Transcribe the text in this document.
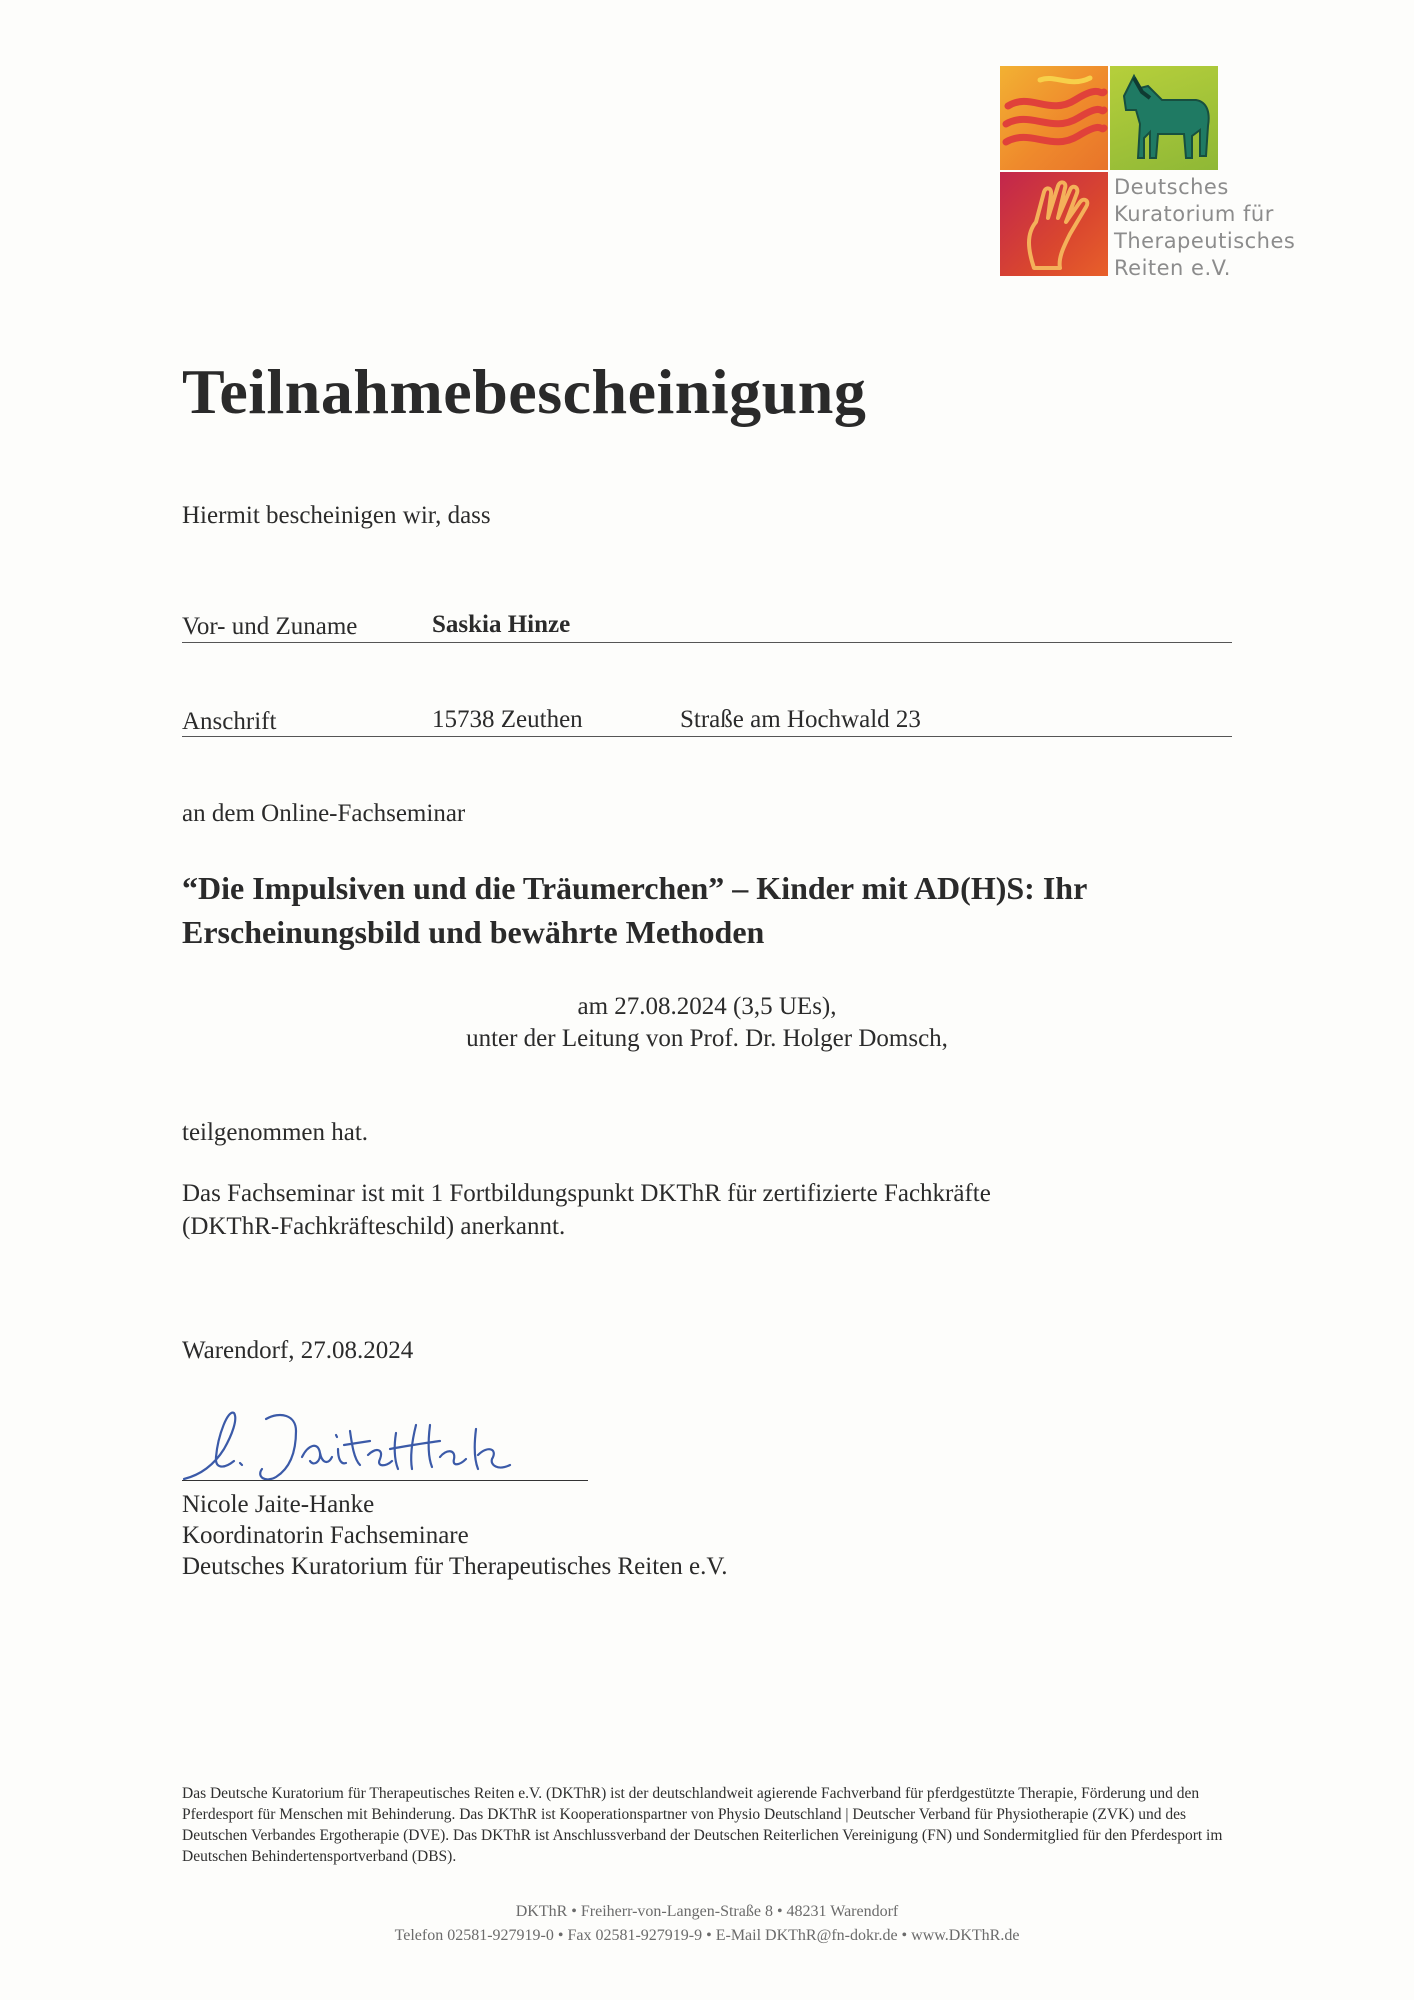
Deutsches
Kuratorium für
Therapeutisches
Reiten e.V.
Teilnahmebescheinigung
Hiermit bescheinigen wir, dass
Vor- und Zuname	Saskia Hinze
Anschrift	15738 Zeuthen	Straße am Hochwald 23
an dem Online-Fachseminar
“Die Impulsiven und die Träumerchen” – Kinder mit AD(H)S: Ihr Erscheinungsbild und bewährte Methoden
am 27.08.2024 (3,5 UEs),
unter der Leitung von Prof. Dr. Holger Domsch,
teilgenommen hat.
Das Fachseminar ist mit 1 Fortbildungspunkt DKThR für zertifizierte Fachkräfte
(DKThR-Fachkräfteschild) anerkannt.
Warendorf, 27.08.2024
Nicole Jaite-Hanke
Koordinatorin Fachseminare
Deutsches Kuratorium für Therapeutisches Reiten e.V.
Das Deutsche Kuratorium für Therapeutisches Reiten e.V. (DKThR) ist der deutschlandweit agierende Fachverband für pferdgestützte Therapie, Förderung und den Pferdesport für Menschen mit Behinderung. Das DKThR ist Kooperationspartner von Physio Deutschland | Deutscher Verband für Physiotherapie (ZVK) und des Deutschen Verbandes Ergotherapie (DVE). Das DKThR ist Anschlussverband der Deutschen Reiterlichen Vereinigung (FN) und Sondermitglied für den Pferdesport im Deutschen Behindertensportverband (DBS).
DKThR • Freiherr-von-Langen-Straße 8 • 48231 Warendorf
Telefon 02581-927919-0 • Fax 02581-927919-9 • E-Mail DKThR@fn-dokr.de • www.DKThR.de
